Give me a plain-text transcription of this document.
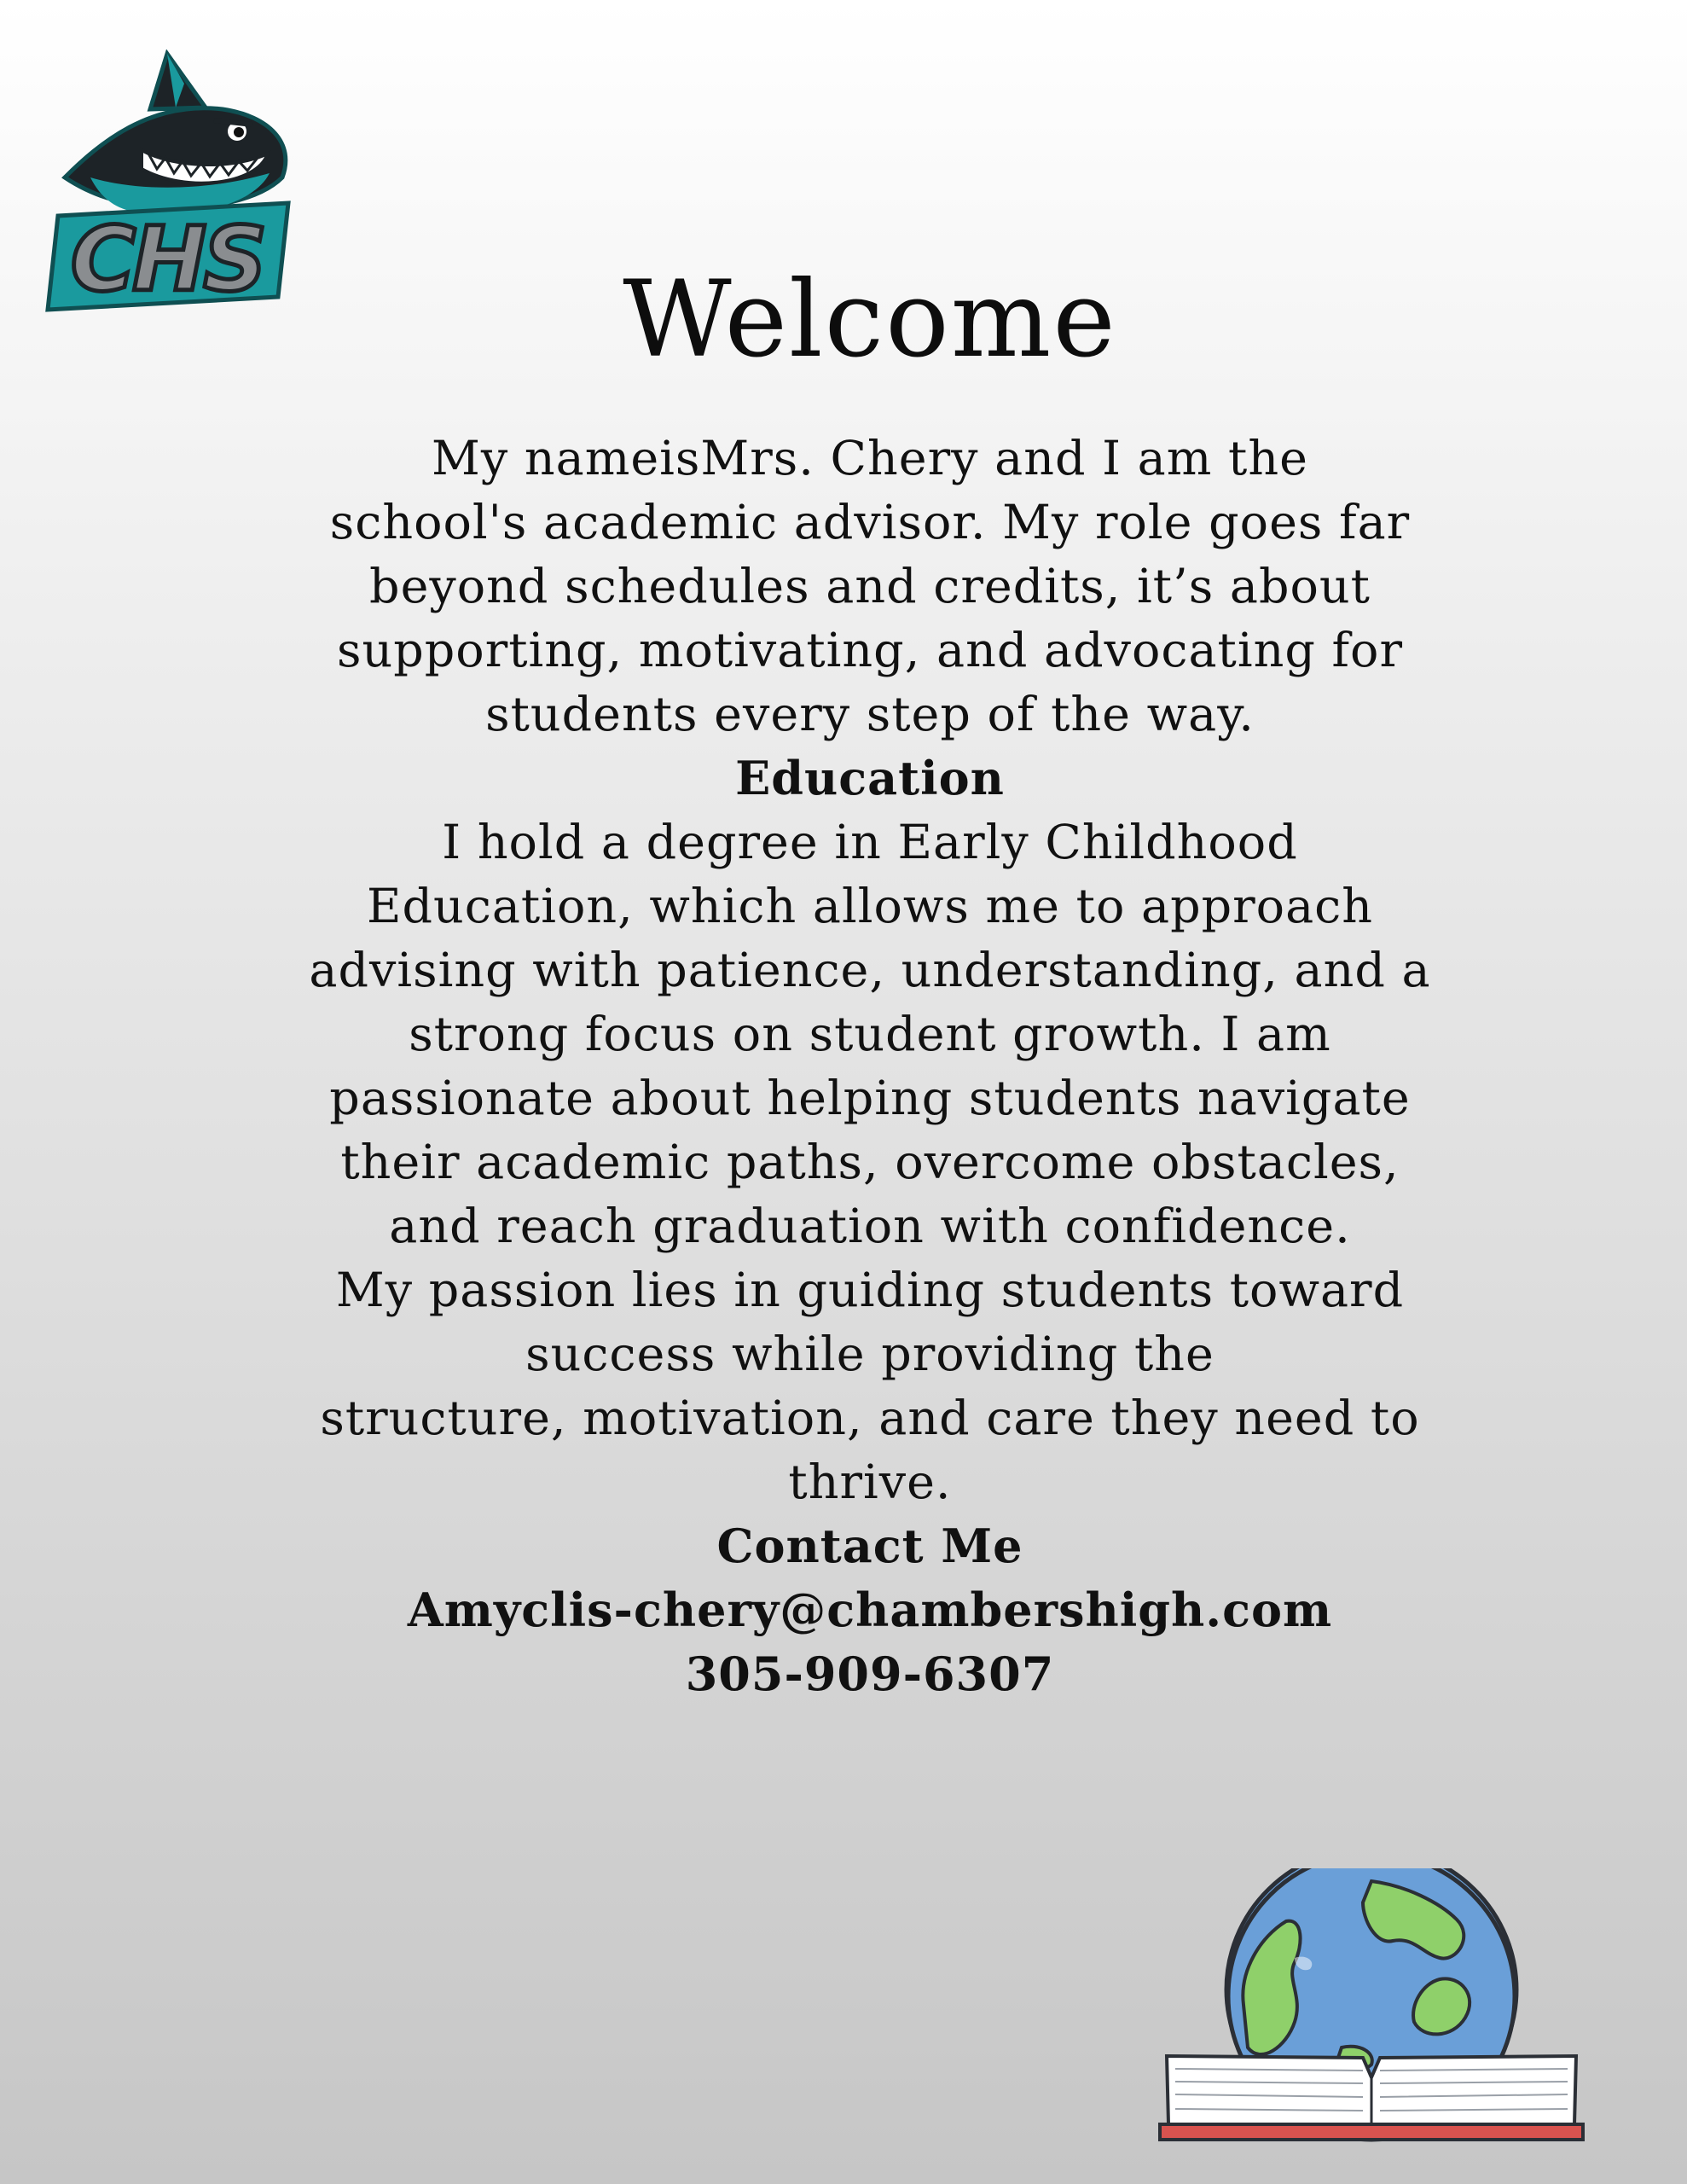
CHS	Welcome

My nameisMrs. Chery and I am the
school's academic advisor. My role goes far
beyond schedules and credits, it’s about
supporting, motivating, and advocating for
students every step of the way.

Education

I hold a degree in Early Childhood
Education, which allows me to approach
advising with patience, understanding, and a
strong focus on student growth. I am
passionate about helping students navigate
their academic paths, overcome obstacles,
and reach graduation with confidence.
My passion lies in guiding students toward
success while providing the
structure, motivation, and care they need to
thrive.

Contact Me
Amyclis-chery@chambershigh.com
305-909-6307
